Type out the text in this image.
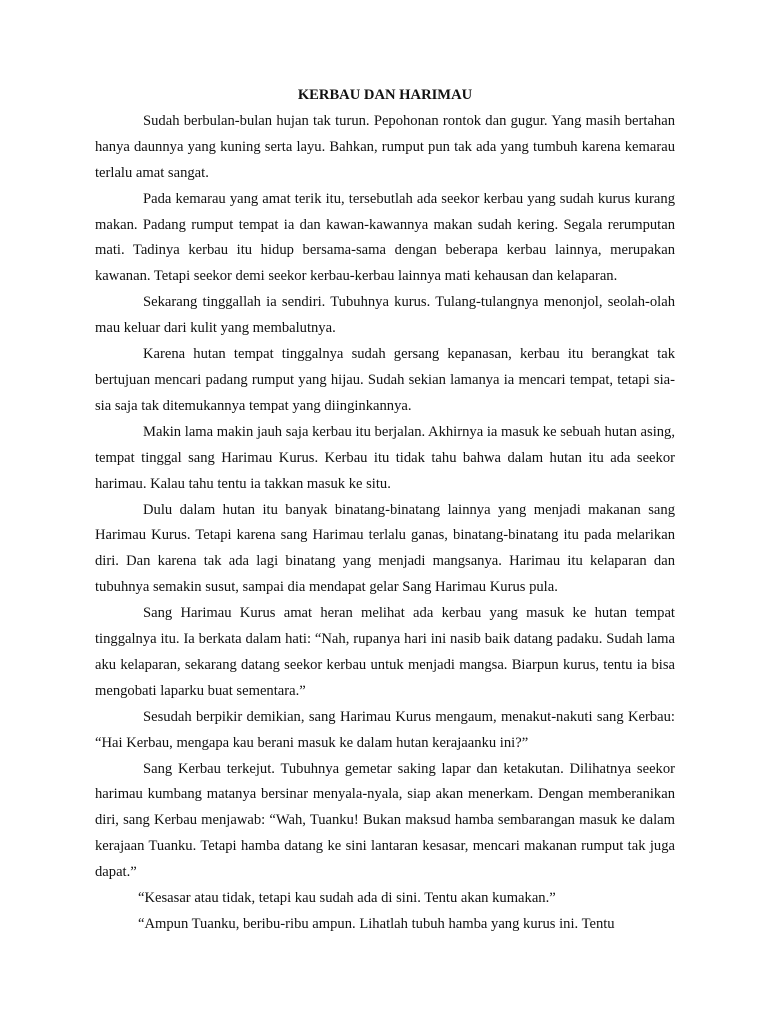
KERBAU DAN HARIMAU

Sudah berbulan-bulan hujan tak turun. Pepohonan rontok dan gugur. Yang masih bertahan hanya daunnya yang kuning serta layu. Bahkan, rumput pun tak ada yang tumbuh karena kemarau terlalu amat sangat.

Pada kemarau yang amat terik itu, tersebutlah ada seekor kerbau yang sudah kurus kurang makan. Padang rumput tempat ia dan kawan-kawannya makan sudah kering. Segala rerumputan mati. Tadinya kerbau itu hidup bersama-sama dengan beberapa kerbau lainnya, merupakan kawanan. Tetapi seekor demi seekor kerbau-kerbau lainnya mati kehausan dan kelaparan.

Sekarang tinggallah ia sendiri. Tubuhnya kurus. Tulang-tulangnya menonjol, seolah-olah mau keluar dari kulit yang membalutnya.

Karena hutan tempat tinggalnya sudah gersang kepanasan, kerbau itu berangkat tak bertujuan mencari padang rumput yang hijau. Sudah sekian lamanya ia mencari tempat, tetapi sia-sia saja tak ditemukannya tempat yang diinginkannya.

Makin lama makin jauh saja kerbau itu berjalan. Akhirnya ia masuk ke sebuah hutan asing, tempat tinggal sang Harimau Kurus. Kerbau itu tidak tahu bahwa dalam hutan itu ada seekor harimau. Kalau tahu tentu ia takkan masuk ke situ.

Dulu dalam hutan itu banyak binatang-binatang lainnya yang menjadi makanan sang Harimau Kurus. Tetapi karena sang Harimau terlalu ganas, binatang-binatang itu pada melarikan diri. Dan karena tak ada lagi binatang yang menjadi mangsanya. Harimau itu kelaparan dan tubuhnya semakin susut, sampai dia mendapat gelar Sang Harimau Kurus pula.

Sang Harimau Kurus amat heran melihat ada kerbau yang masuk ke hutan tempat tinggalnya itu. Ia berkata dalam hati: “Nah, rupanya hari ini nasib baik datang padaku. Sudah lama aku kelaparan, sekarang datang seekor kerbau untuk menjadi mangsa. Biarpun kurus, tentu ia bisa mengobati laparku buat sementara.”

Sesudah berpikir demikian, sang Harimau Kurus mengaum, menakut-nakuti sang Kerbau: “Hai Kerbau, mengapa kau berani masuk ke dalam hutan kerajaanku ini?”

Sang Kerbau terkejut. Tubuhnya gemetar saking lapar dan ketakutan. Dilihatnya seekor harimau kumbang matanya bersinar menyala-nyala, siap akan menerkam. Dengan memberanikan diri, sang Kerbau menjawab: “Wah, Tuanku! Bukan maksud hamba sembarangan masuk ke dalam kerajaan Tuanku. Tetapi hamba datang ke sini lantaran kesasar, mencari makanan rumput tak juga dapat.”

“Kesasar atau tidak, tetapi kau sudah ada di sini. Tentu akan kumakan.”

“Ampun Tuanku, beribu-ribu ampun. Lihatlah tubuh hamba yang kurus ini. Tentu
